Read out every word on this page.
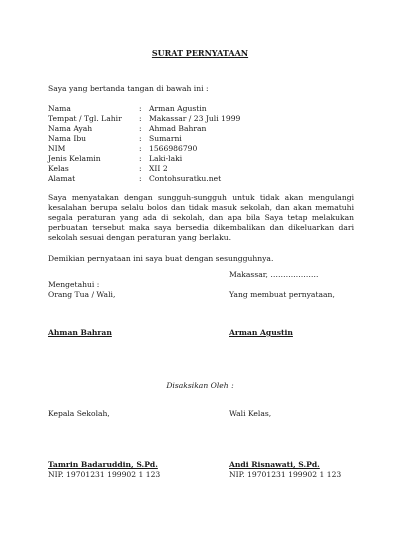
SURAT PERNYATAAN
Saya yang bertanda tangan di bawah ini :
Nama	:	Arman Agustin
Tempat / Tgl. Lahir	:	Makassar / 23 Juli 1999
Nama Ayah	:	Ahmad Bahran
Nama Ibu	:	Sumarni
NIM	:	1566986790
Jenis Kelamin	:	Laki-laki
Kelas	:	XII 2
Alamat	:	Contohsuratku.net
Saya menyatakan dengan sungguh-sungguh untuk tidak akan mengulangi kesalahan berupa selalu bolos dan tidak masuk sekolah, dan akan mematuhi segala peraturan yang ada di sekolah, dan apa bila Saya tetap melakukan perbuatan tersebut maka saya bersedia dikembalikan dan dikeluarkan dari sekolah sesuai dengan peraturan yang berlaku.
Demikian pernyataan ini saya buat dengan sesungguhnya.
Makassar, ……………….
Mengetahui :
Orang Tua / Wali,	Yang membuat pernyataan,
Ahman Bahran	Arman Agustin
Disaksikan Oleh :
Kepala Sekolah,	Wali Kelas,
Tamrin Badaruddin, S.Pd.
NIP. 19701231 199902 1 123
Andi Risnawati, S.Pd.
NIP. 19701231 199902 1 123
